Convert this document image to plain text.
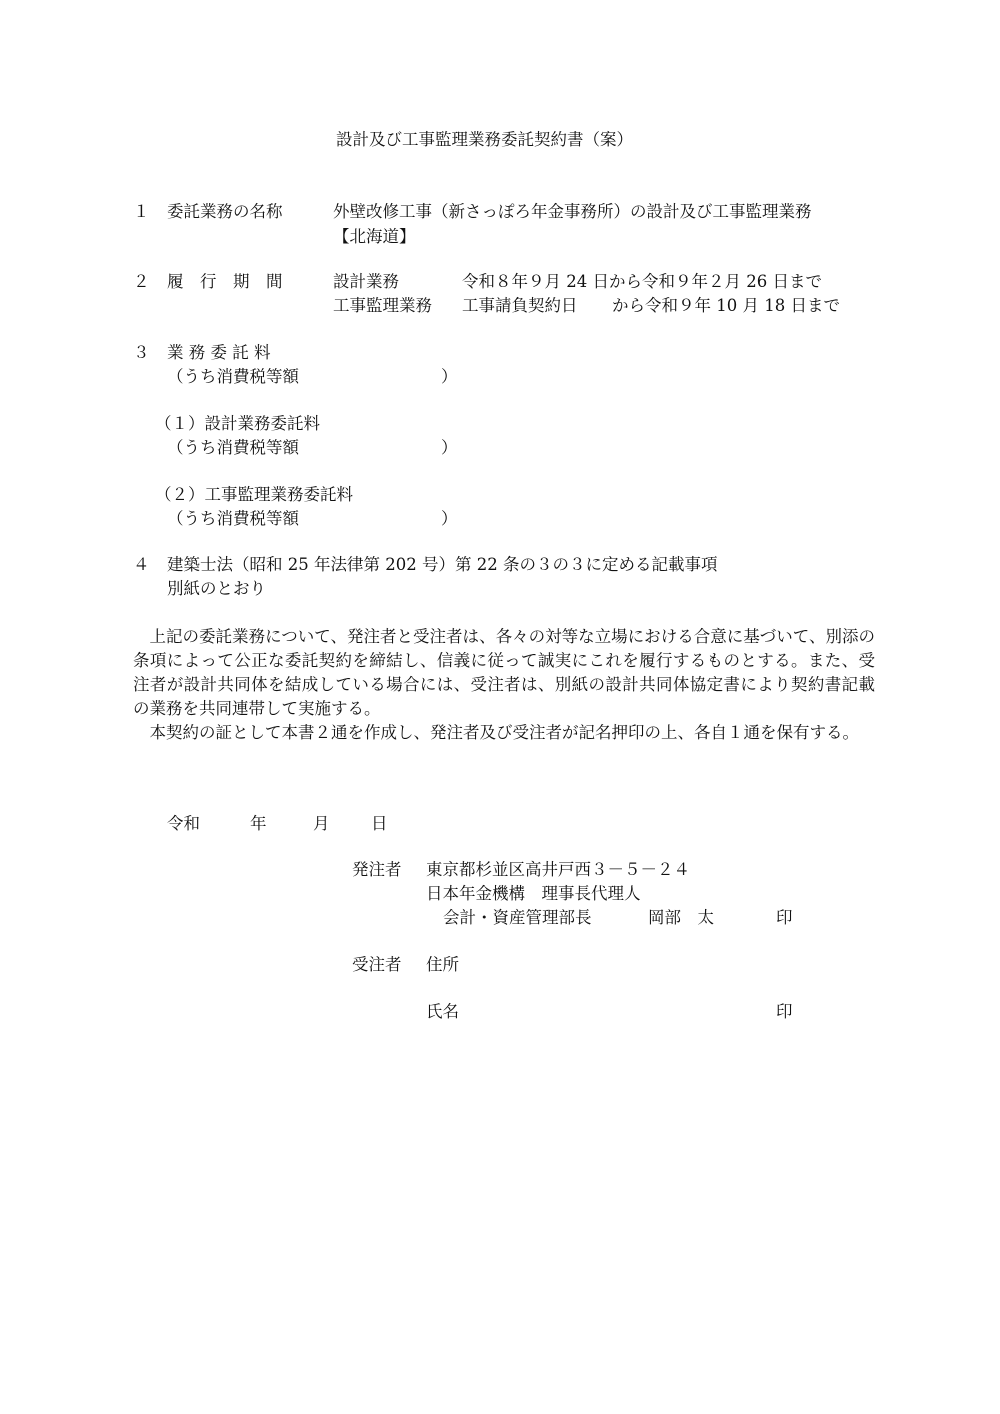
設計及び工事監理業務委託契約書（案）
１ 委託業務の名称	外壁改修工事（新さっぽろ年金事務所）の設計及び工事監理業務
【北海道】
２ 履　行　期　間	設計業務	令和８年９月 24 日から令和９年２月 26 日まで
工事監理業務 工事請負契約日 から令和９年 10 月 18 日まで
３ 業 務 委 託 料
（うち消費税等額	）
（１）設計業務委託料
（うち消費税等額	）
（２）工事監理業務委託料
（うち消費税等額	）
４ 建築士法（昭和 25 年法律第 202 号）第 22 条の３の３に定める記載事項
別紙のとおり

上記の委託業務について、発注者と受注者は、各々の対等な立場における合意に基づいて、別添の条項によって公正な委託契約を締結し、信義に従って誠実にこれを履行するものとする。また、受注者が設計共同体を結成している場合には、受注者は、別紙の設計共同体協定書により契約書記載の業務を共同連帯して実施する。

本契約の証として本書２通を作成し、発注者及び受注者が記名押印の上、各自１通を保有する。

令和	年	月	日
発注者 東京都杉並区高井戸西３－５－２４
日本年金機構　理事長代理人
会計・資産管理部長	岡部　太	印
受注者 住所
氏名	印
